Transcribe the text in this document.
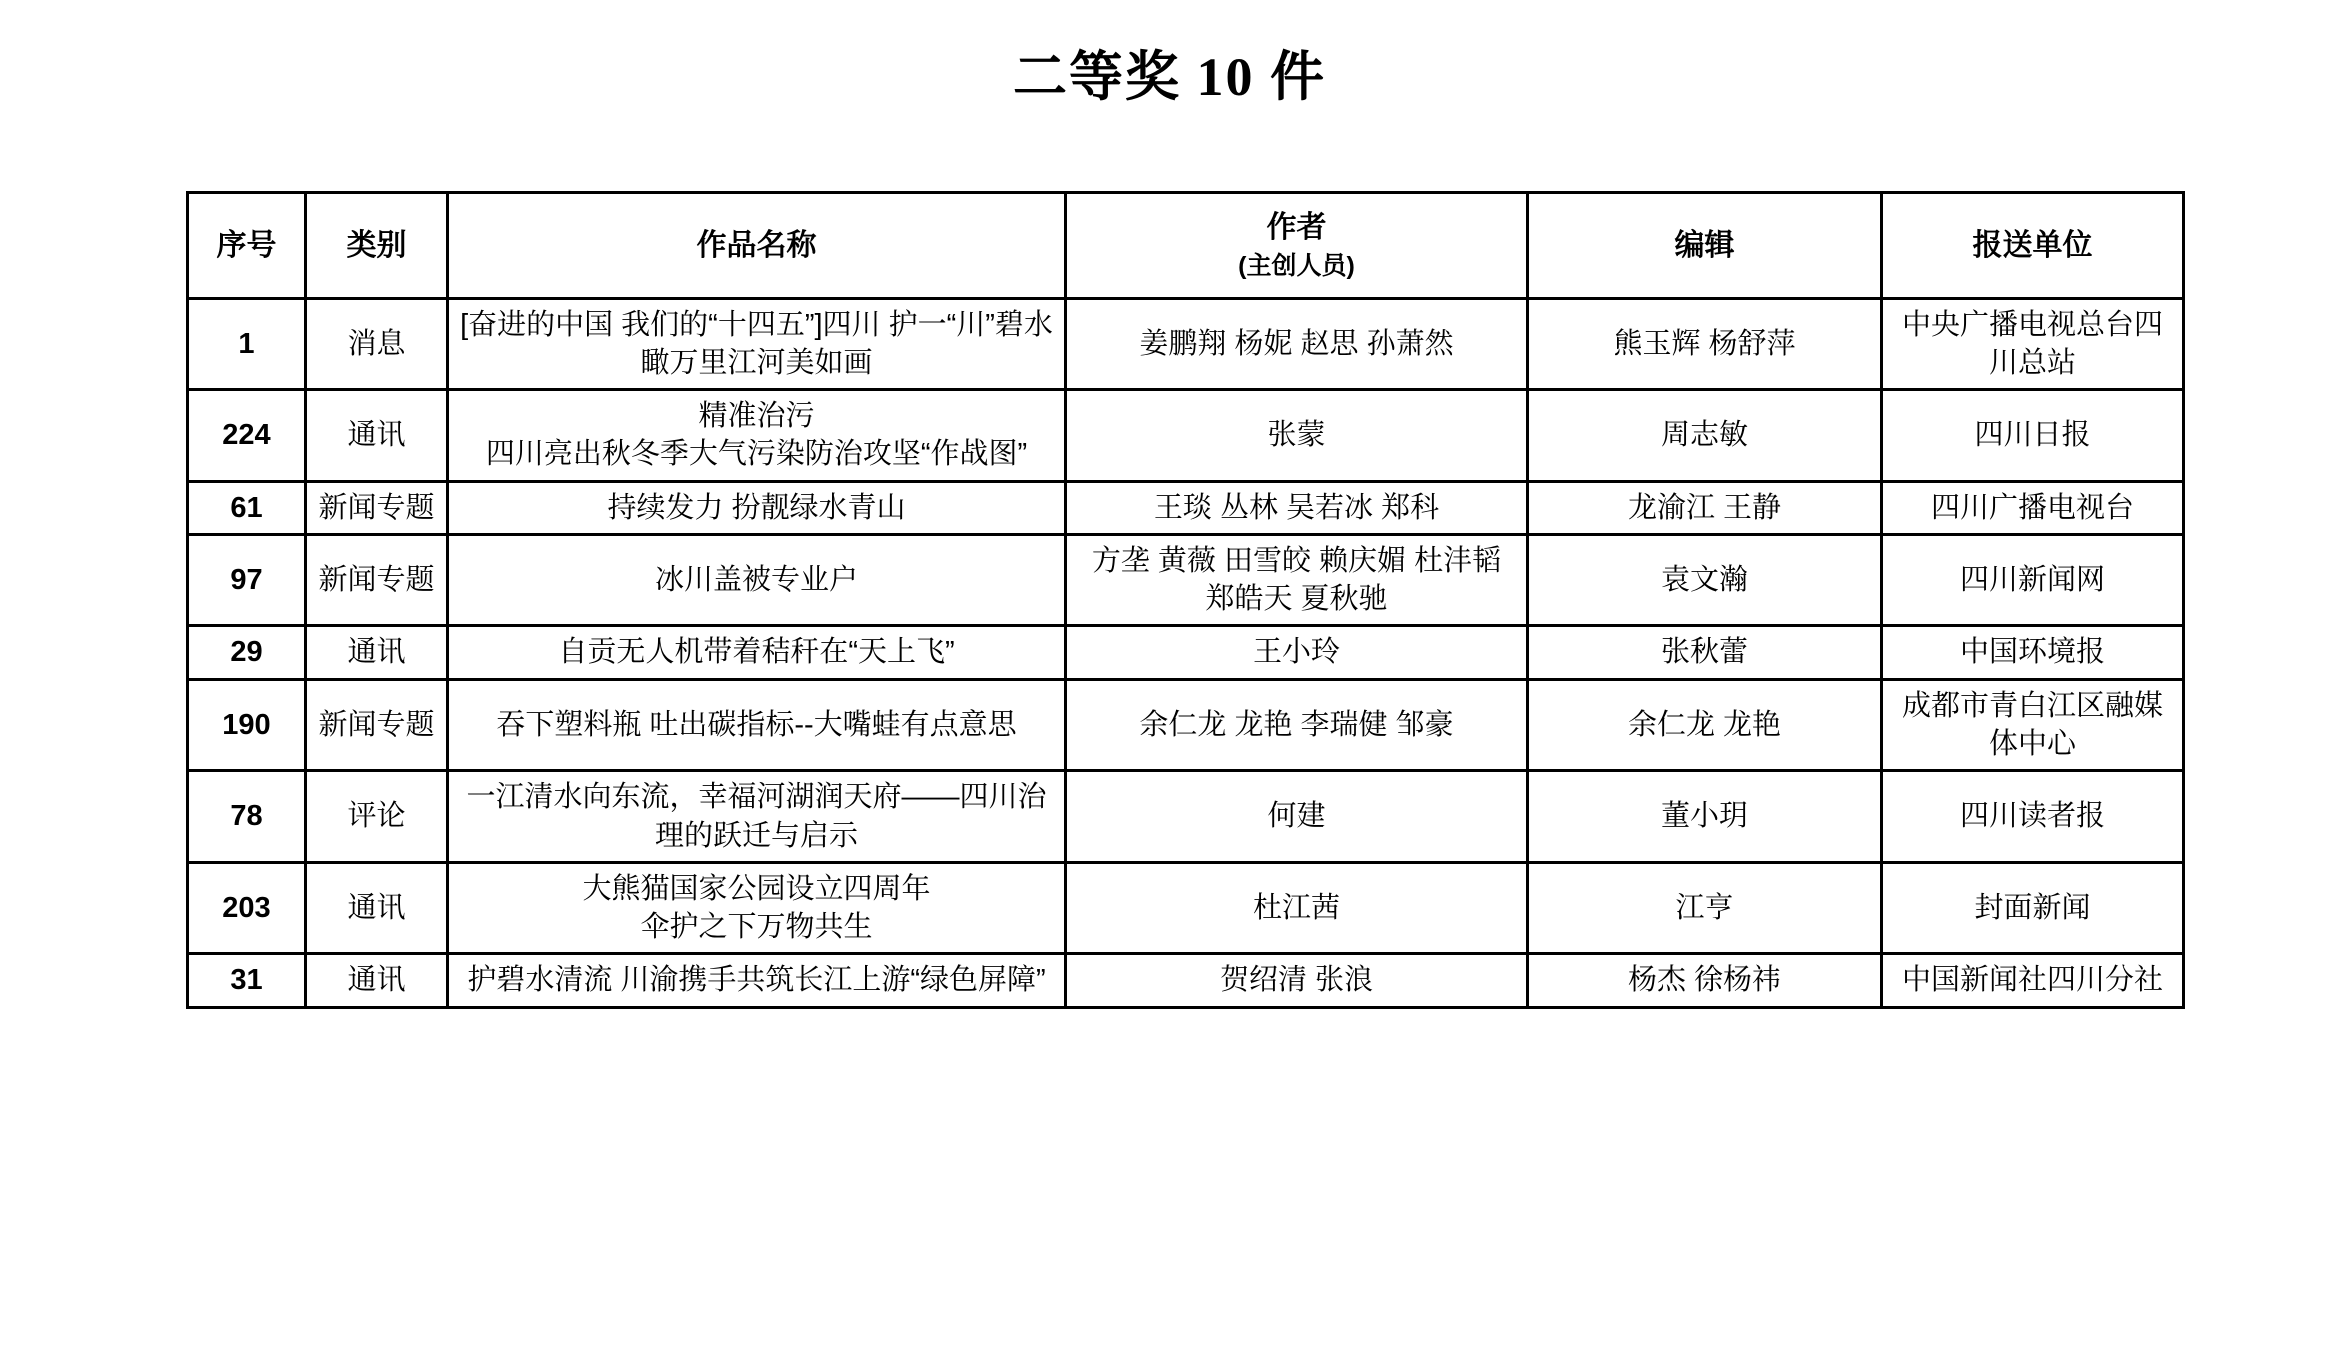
二等奖 10 件
序号	类别	作品名称	作者
(主创人员)	编辑	报送单位
1	消息	[奋进的中国 我们的“十四五”]四川 护一“川”碧水 瞰万里江河美如画	姜鹏翔 杨妮 赵思 孙萧然	熊玉辉 杨舒萍	中央广播电视总台四川总站
224	通讯	精准治污
四川亮出秋冬季大气污染防治攻坚“作战图”	张蒙	周志敏	四川日报
61	新闻专题	持续发力 扮靓绿水青山	王琰 丛林 吴若冰 郑科	龙渝江 王静	四川广播电视台
97	新闻专题	冰川盖被专业户	方垄 黄薇 田雪皎 赖庆媚 杜沣韬 郑皓天 夏秋驰	袁文瀚	四川新闻网
29	通讯	自贡无人机带着秸秆在“天上飞”	王小玲	张秋蕾	中国环境报
190	新闻专题	吞下塑料瓶 吐出碳指标--大嘴蛙有点意思	余仁龙 龙艳 李瑞健 邹豪	余仁龙 龙艳	成都市青白江区融媒体中心
78	评论	一江清水向东流，幸福河湖润天府——四川治理的跃迁与启示	何建	董小玥	四川读者报
203	通讯	大熊猫国家公园设立四周年
伞护之下万物共生	杜江茜	江亨	封面新闻
31	通讯	护碧水清流 川渝携手共筑长江上游“绿色屏障”	贺绍清 张浪	杨杰 徐杨祎	中国新闻社四川分社
